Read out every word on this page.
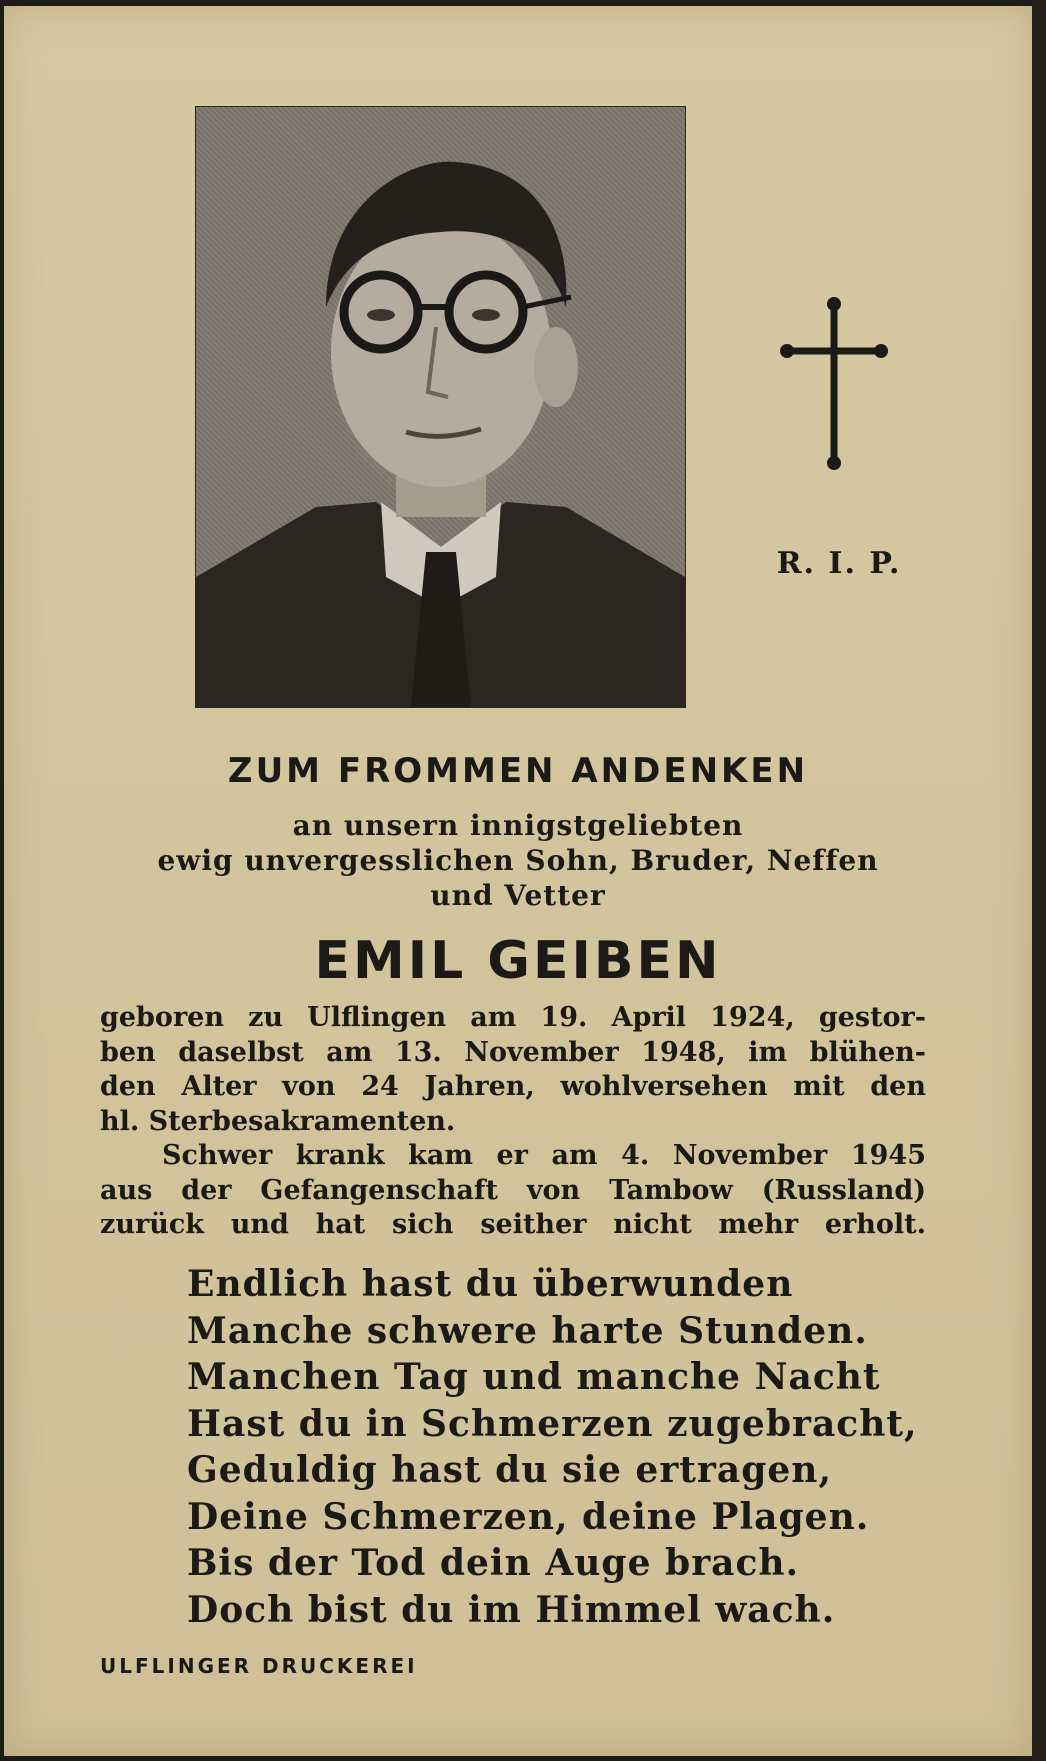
R. I. P.
ZUM FROMMEN ANDENKEN
an unsern innigstgeliebten
ewig unvergesslichen Sohn, Bruder, Neffen
und Vetter
EMIL GEIBEN
geboren zu Ulflingen am 19. April 1924, gestor-
ben daselbst am 13. November 1948, im blühen-
den Alter von 24 Jahren, wohlversehen mit den
hl. Sterbesakramenten.
Schwer krank kam er am 4. November 1945
aus der Gefangenschaft von Tambow (Russland)
zurück und hat sich seither nicht mehr erholt.
Endlich hast du überwunden
Manche schwere harte Stunden.
Manchen Tag und manche Nacht
Hast du in Schmerzen zugebracht,
Geduldig hast du sie ertragen,
Deine Schmerzen, deine Plagen.
Bis der Tod dein Auge brach.
Doch bist du im Himmel wach.
ULFLINGER DRUCKEREI
